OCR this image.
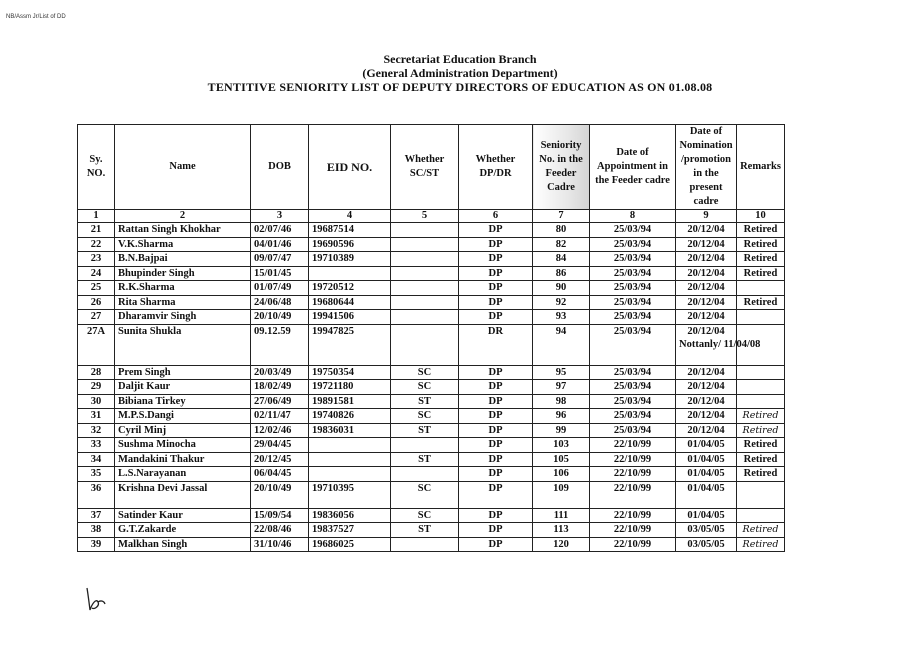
NB/Assm Jr/List of DD
Secretariat Education Branch
(General Administration Department)
TENTITIVE SENIORITY LIST OF DEPUTY DIRECTORS OF EDUCATION AS ON 01.08.08
Sy. NO.	Name	DOB	EID NO.	Whether SC/ST	Whether DP/DR	Seniority No. in the Feeder Cadre	Date of Appointment in the Feeder cadre	Date of Nomination /promotion in the present cadre	Remarks
1	2	3	4	5	6	7	8	9	10
21	Rattan Singh Khokhar	02/07/46	19687514		DP	80	25/03/94	20/12/04	Retired
22	V.K.Sharma	04/01/46	19690596		DP	82	25/03/94	20/12/04	Retired
23	B.N.Bajpai	09/07/47	19710389		DP	84	25/03/94	20/12/04	Retired
24	Bhupinder Singh	15/01/45			DP	86	25/03/94	20/12/04	Retired
25	R.K.Sharma	01/07/49	19720512		DP	90	25/03/94	20/12/04	
26	Rita Sharma	24/06/48	19680644		DP	92	25/03/94	20/12/04	Retired
27	Dharamvir Singh	20/10/49	19941506		DP	93	25/03/94	20/12/04	
27A	Sunita Shukla	09.12.59	19947825		DR	94	25/03/94	20/12/04
Nottanly/ 11/04/08	

28	Prem Singh	20/03/49	19750354	SC	DP	95	25/03/94	20/12/04	
29	Daljit Kaur	18/02/49	19721180	SC	DP	97	25/03/94	20/12/04	
30	Bibiana Tirkey	27/06/49	19891581	ST	DP	98	25/03/94	20/12/04	
31	M.P.S.Dangi	02/11/47	19740826	SC	DP	96	25/03/94	20/12/04	Retired
32	Cyril Minj	12/02/46	19836031	ST	DP	99	25/03/94	20/12/04	Retired
33	Sushma Minocha	29/04/45			DP	103	22/10/99	01/04/05	Retired
34	Mandakini Thakur	20/12/45		ST	DP	105	22/10/99	01/04/05	Retired
35	L.S.Narayanan	06/04/45			DP	106	22/10/99	01/04/05	Retired
36	Krishna Devi Jassal	20/10/49	19710395	SC	DP	109	22/10/99	01/04/05	
37	Satinder Kaur	15/09/54	19836056	SC	DP	111	22/10/99	01/04/05	
38	G.T.Zakarde	22/08/46	19837527	ST	DP	113	22/10/99	03/05/05	Retired
39	Malkhan Singh	31/10/46	19686025		DP	120	22/10/99	03/05/05	Retired
